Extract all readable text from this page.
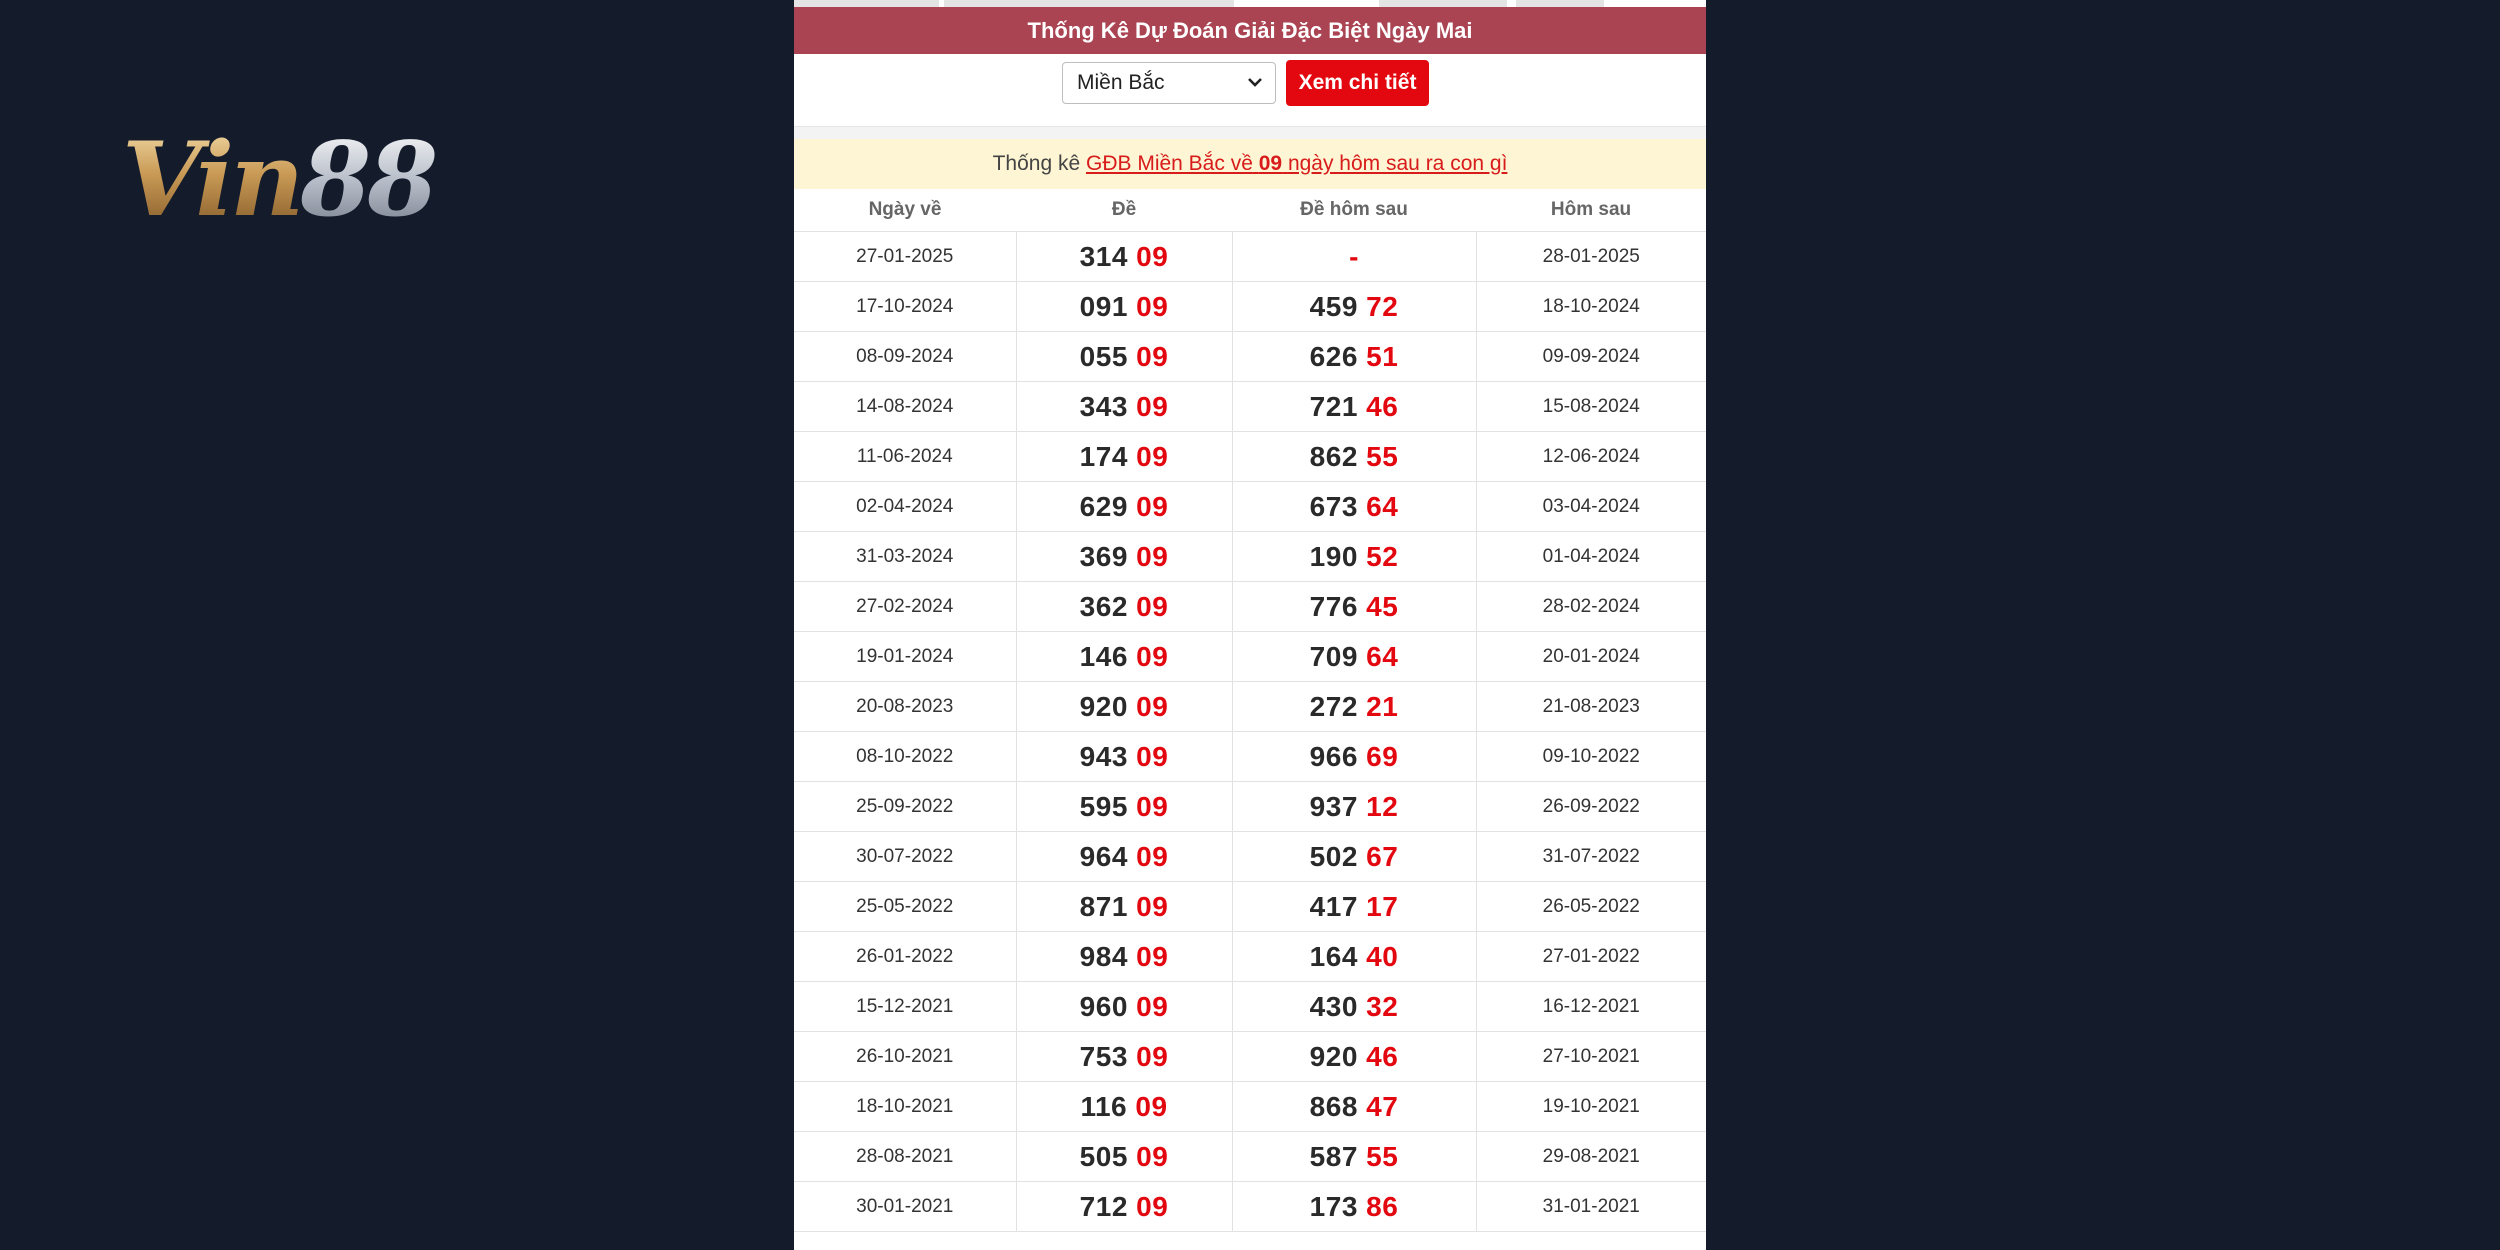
Vin88
Thống Kê Dự Đoán Giải Đặc Biệt Ngày Mai
Miền Bắc	Xem chi tiết
Thống kê GĐB Miền Bắc về 09 ngày hôm sau ra con gì
Ngày về	Đề	Đề hôm sau	Hôm sau
27-01-2025	314 09	-	28-01-2025
17-10-2024	091 09	459 72	18-10-2024
08-09-2024	055 09	626 51	09-09-2024
14-08-2024	343 09	721 46	15-08-2024
11-06-2024	174 09	862 55	12-06-2024
02-04-2024	629 09	673 64	03-04-2024
31-03-2024	369 09	190 52	01-04-2024
27-02-2024	362 09	776 45	28-02-2024
19-01-2024	146 09	709 64	20-01-2024
20-08-2023	920 09	272 21	21-08-2023
08-10-2022	943 09	966 69	09-10-2022
25-09-2022	595 09	937 12	26-09-2022
30-07-2022	964 09	502 67	31-07-2022
25-05-2022	871 09	417 17	26-05-2022
26-01-2022	984 09	164 40	27-01-2022
15-12-2021	960 09	430 32	16-12-2021
26-10-2021	753 09	920 46	27-10-2021
18-10-2021	116 09	868 47	19-10-2021
28-08-2021	505 09	587 55	29-08-2021
30-01-2021	712 09	173 86	31-01-2021
